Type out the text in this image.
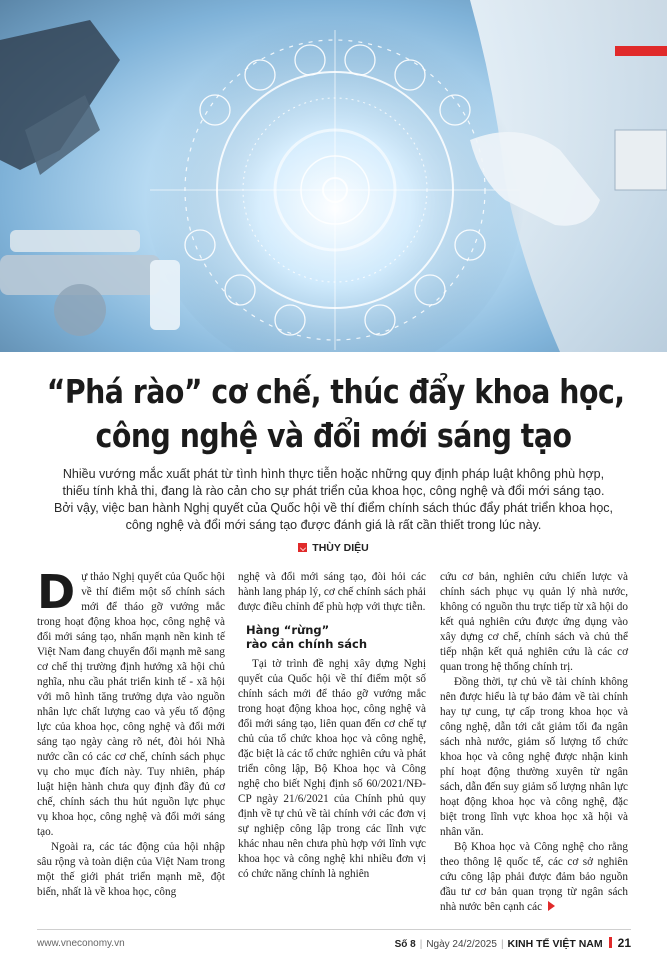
“Phá rào” cơ chế, thúc đẩy khoa học,
công nghệ và đổi mới sáng tạo
Nhiều vướng mắc xuất phát từ tình hình thực tiễn hoặc những quy định pháp luật không phù hợp,
thiếu tính khả thi, đang là rào cản cho sự phát triển của khoa học, công nghệ và đổi mới sáng tạo.
Bởi vậy, việc ban hành Nghị quyết của Quốc hội về thí điểm chính sách thúc đẩy phát triển khoa học,
công nghệ và đổi mới sáng tạo được đánh giá là rất cần thiết trong lúc này.
THÙY DIỆU

Dự thảo Nghị quyết của Quốc hội về thí điểm một số chính sách mới để tháo gỡ vướng mắc trong hoạt động khoa học, công nghệ và đổi mới sáng tạo, nhấn mạnh nền kinh tế Việt Nam đang chuyển đổi mạnh mẽ sang cơ chế thị trường định hướng xã hội chủ nghĩa, nhu cầu phát triển kinh tế - xã hội với mô hình tăng trưởng dựa vào nguồn nhân lực chất lượng cao và yếu tố động lực của khoa học, công nghệ và đổi mới sáng tạo ngày càng rõ nét, đòi hỏi Nhà nước cần có các cơ chế, chính sách phục vụ cho mục đích này. Tuy nhiên, pháp luật hiện hành chưa quy định đầy đủ cơ chế, chính sách thu hút nguồn lực phục vụ khoa học, công nghệ và đổi mới sáng tạo.

Ngoài ra, các tác động của hội nhập sâu rộng và toàn diện của Việt Nam trong một thế giới phát triển mạnh mẽ, đột biến, nhất là về khoa học, công

nghệ và đổi mới sáng tạo, đòi hỏi các hành lang pháp lý, cơ chế chính sách phải được điều chỉnh để phù hợp với thực tiễn.

Hàng “rừng”
rào cản chính sách

Tại tờ trình đề nghị xây dựng Nghị quyết của Quốc hội về thí điểm một số chính sách mới để tháo gỡ vướng mắc trong hoạt động khoa học, công nghệ và đổi mới sáng tạo, liên quan đến cơ chế tự chủ của tổ chức khoa học và công nghệ, đặc biệt là các tổ chức nghiên cứu và phát triển công lập, Bộ Khoa học và Công nghệ cho biết Nghị định số 60/2021/NĐ-CP ngày 21/6/2021 của Chính phủ quy định về tự chủ về tài chính với các đơn vị sự nghiệp công lập trong các lĩnh vực khác nhau nên chưa phù hợp với lĩnh vực khoa học và công nghệ khi nhiều đơn vị có chức năng chính là nghiên

cứu cơ bản, nghiên cứu chiến lược và chính sách phục vụ quản lý nhà nước, không có nguồn thu trực tiếp từ xã hội do kết quả nghiên cứu được ứng dụng vào xây dựng cơ chế, chính sách và chủ thể tiếp nhận kết quả nghiên cứu là các cơ quan trong hệ thống chính trị.

Đồng thời, tự chủ về tài chính không nên được hiểu là tự bảo đảm về tài chính hay tự cung, tự cấp trong khoa học và công nghệ, dẫn tới cắt giảm tối đa ngân sách nhà nước, giảm số lượng tổ chức khoa học và công nghệ được nhận kinh phí hoạt động thường xuyên từ ngân sách, dẫn đến suy giảm số lượng nhân lực hoạt động khoa học và công nghệ, đặc biệt trong lĩnh vực khoa học xã hội và nhân văn.

Bộ Khoa học và Công nghệ cho rằng theo thông lệ quốc tế, các cơ sở nghiên cứu công lập phải được đảm bảo nguồn đầu tư cơ bản quan trọng từ ngân sách nhà nước bên cạnh các

www.vneconomy.vn	Số 8 | Ngày 24/2/2025 | KINH TẾ VIỆT NAM 21
